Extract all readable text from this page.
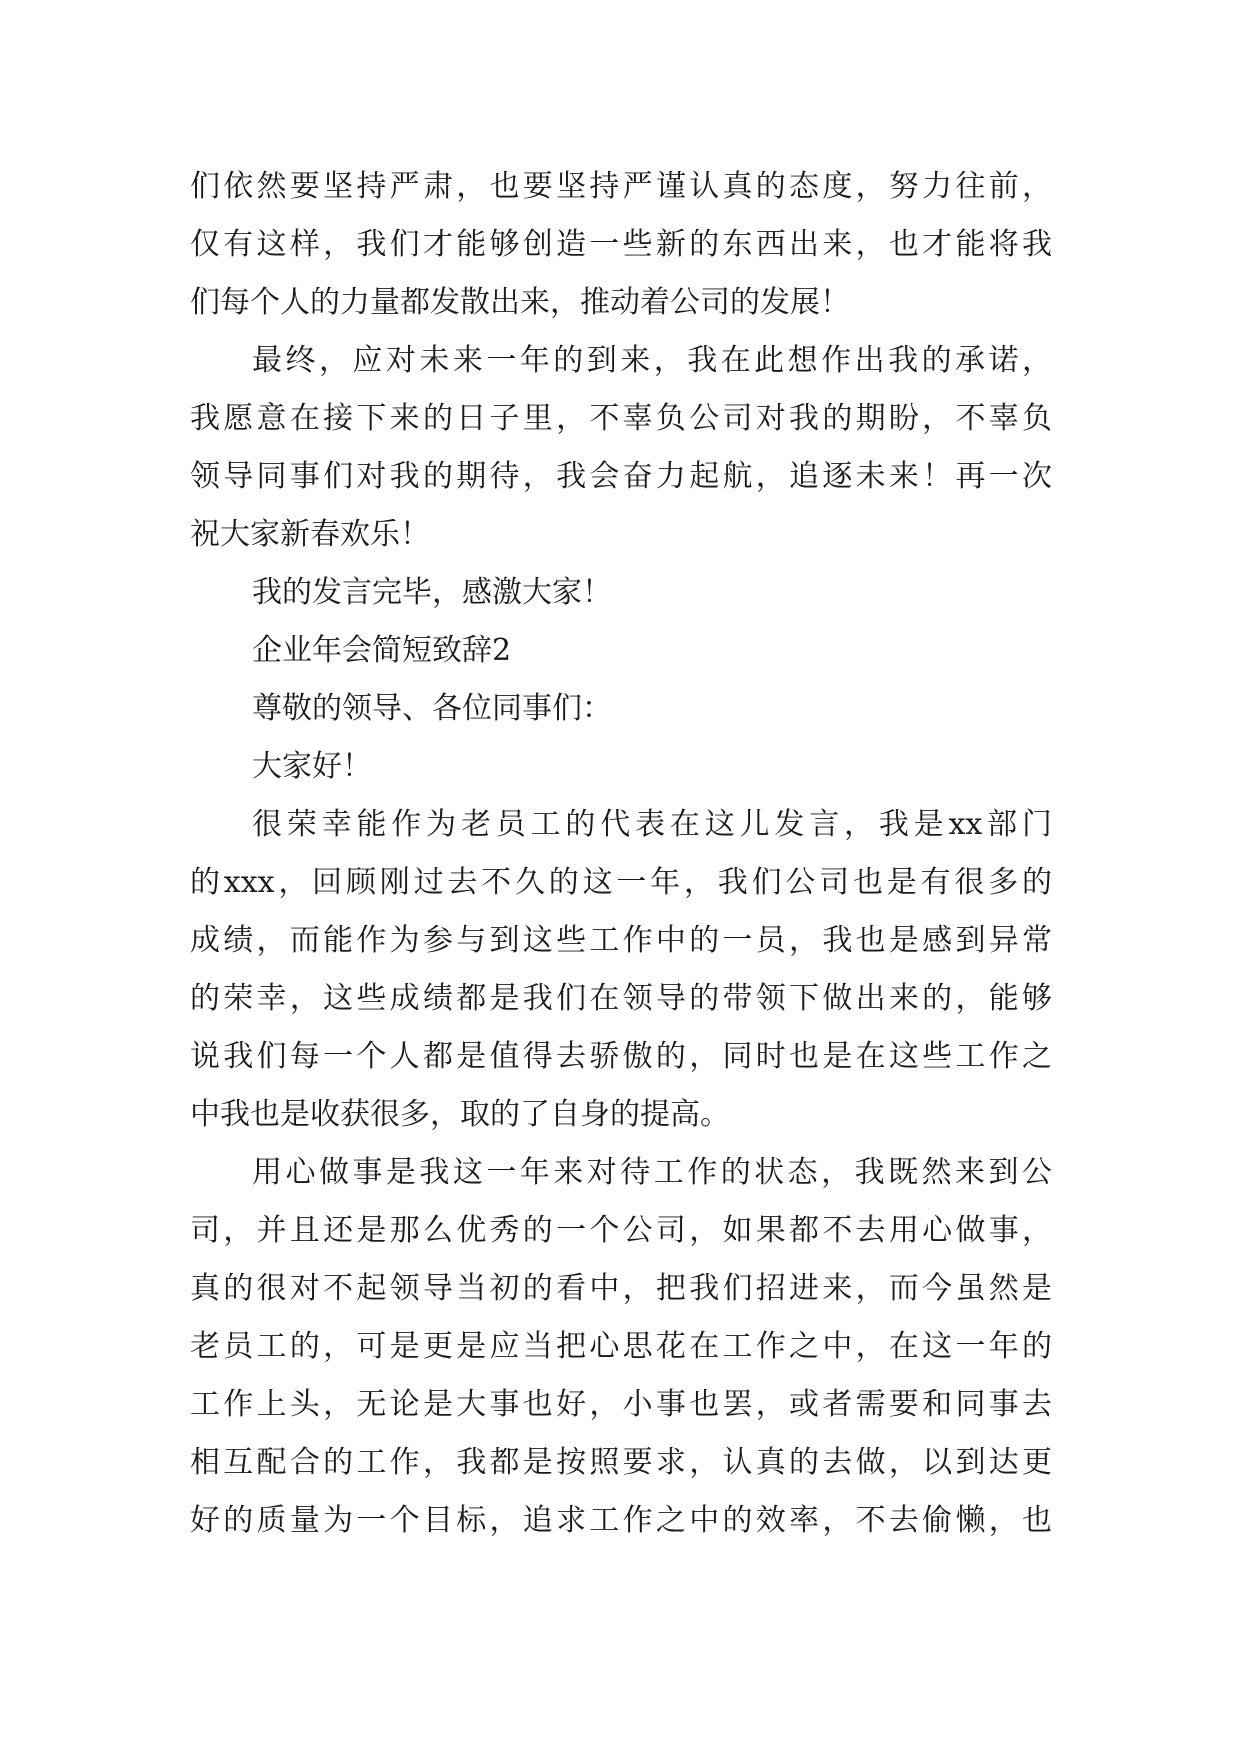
们依然要坚持严肃，也要坚持严谨认真的态度，努力往前，
仅有这样，我们才能够创造一些新的东西出来，也才能将我
们每个人的力量都发散出来，推动着公司的发展！
最终，应对未来一年的到来，我在此想作出我的承诺，
我愿意在接下来的日子里，不辜负公司对我的期盼，不辜负
领导同事们对我的期待，我会奋力起航，追逐未来！再一次
祝大家新春欢乐！
我的发言完毕，感激大家！
企业年会简短致辞2
尊敬的领导、各位同事们：
大家好！
很荣幸能作为老员工的代表在这儿发言，我是xx部门
的xxx，回顾刚过去不久的这一年，我们公司也是有很多的
成绩，而能作为参与到这些工作中的一员，我也是感到异常
的荣幸，这些成绩都是我们在领导的带领下做出来的，能够
说我们每一个人都是值得去骄傲的，同时也是在这些工作之
中我也是收获很多，取的了自身的提高。
用心做事是我这一年来对待工作的状态，我既然来到公
司，并且还是那么优秀的一个公司，如果都不去用心做事，
真的很对不起领导当初的看中，把我们招进来，而今虽然是
老员工的，可是更是应当把心思花在工作之中，在这一年的
工作上头，无论是大事也好，小事也罢，或者需要和同事去
相互配合的工作，我都是按照要求，认真的去做，以到达更
好的质量为一个目标，追求工作之中的效率，不去偷懒，也
